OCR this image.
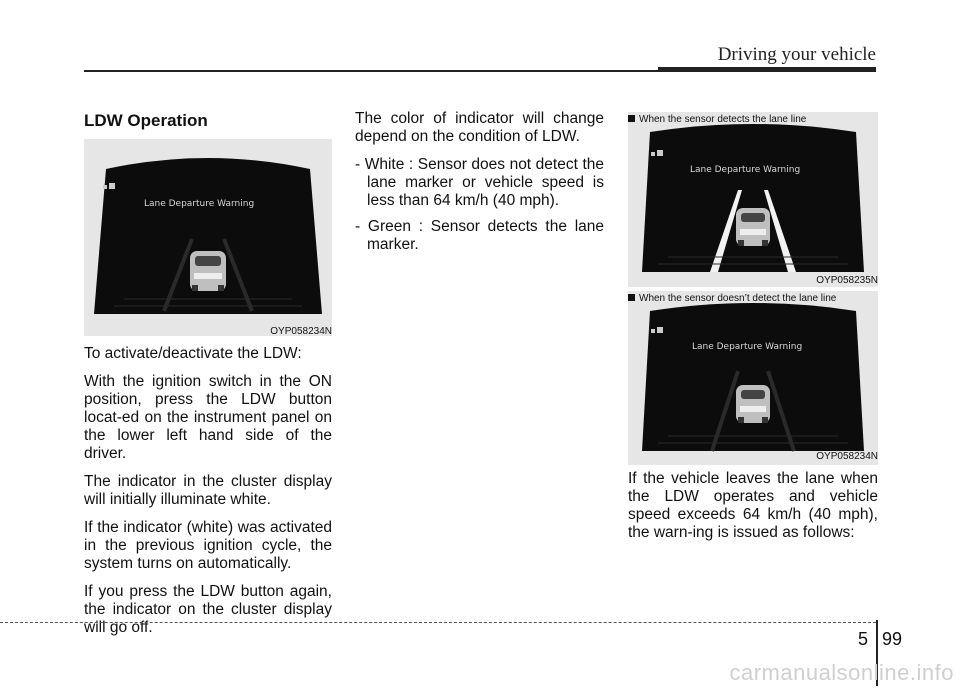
Driving your vehicle
LDW Operation
Lane Departure Warning
OYP058234N

To activate/deactivate the LDW:

With the ignition switch in the ON position, press the LDW button locat-ed on the instrument panel on the lower left hand side of the driver.

The indicator in the cluster display will initially illuminate white.

If the indicator (white) was activated in the previous ignition cycle, the system turns on automatically.

If you press the LDW button again, the indicator on the cluster display will go off.

The color of indicator will change depend on the condition of LDW.

- White : Sensor does not detect the lane marker or vehicle speed is less than 64 km/h (40 mph).
- Green : Sensor detects the lane marker.
Lane Departure Warning
When the sensor detects the lane line
OYP058235N
Lane Departure Warning
When the sensor doesn’t detect the lane line
OYP058234N

If the vehicle leaves the lane when the LDW operates and vehicle speed exceeds 64 km/h (40 mph), the warn-ing is issued as follows:

5 99
carmanualsonline.info
